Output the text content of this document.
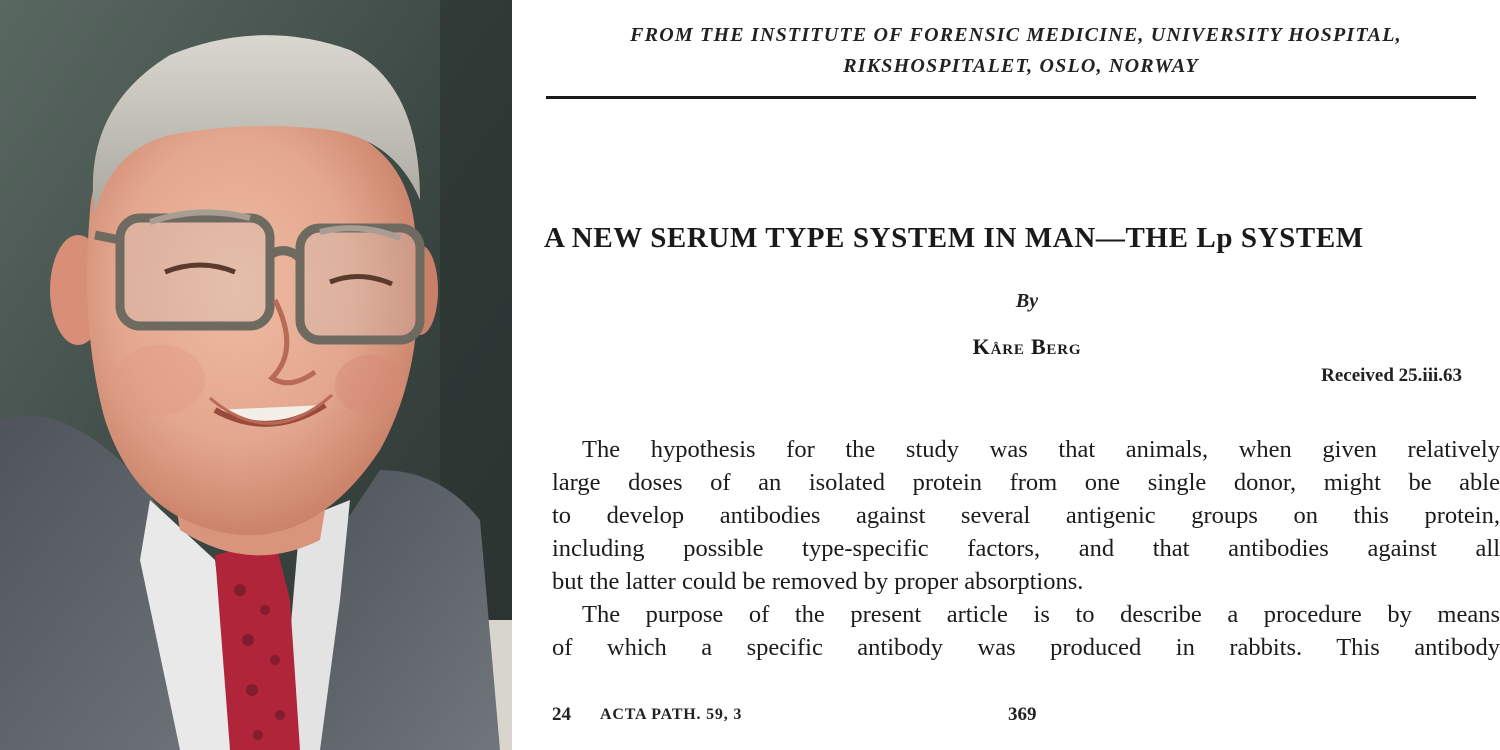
FROM THE INSTITUTE OF FORENSIC MEDICINE, UNIVERSITY HOSPITAL,
RIKSHOSPITALET, OSLO, NORWAY
A NEW SERUM TYPE SYSTEM IN MAN—THE Lp SYSTEM
By
Kåre Berg
Received 25.iii.63
The hypothesis for the study was that animals, when given relatively
large doses of an isolated protein from one single donor, might be able
to develop antibodies against several antigenic groups on this protein,
including possible type-specific factors, and that antibodies against all
but the latter could be removed by proper absorptions.
The purpose of the present article is to describe a procedure by means
of which a specific antibody was produced in rabbits. This antibody
24 ACTA PATH. 59, 3	369
